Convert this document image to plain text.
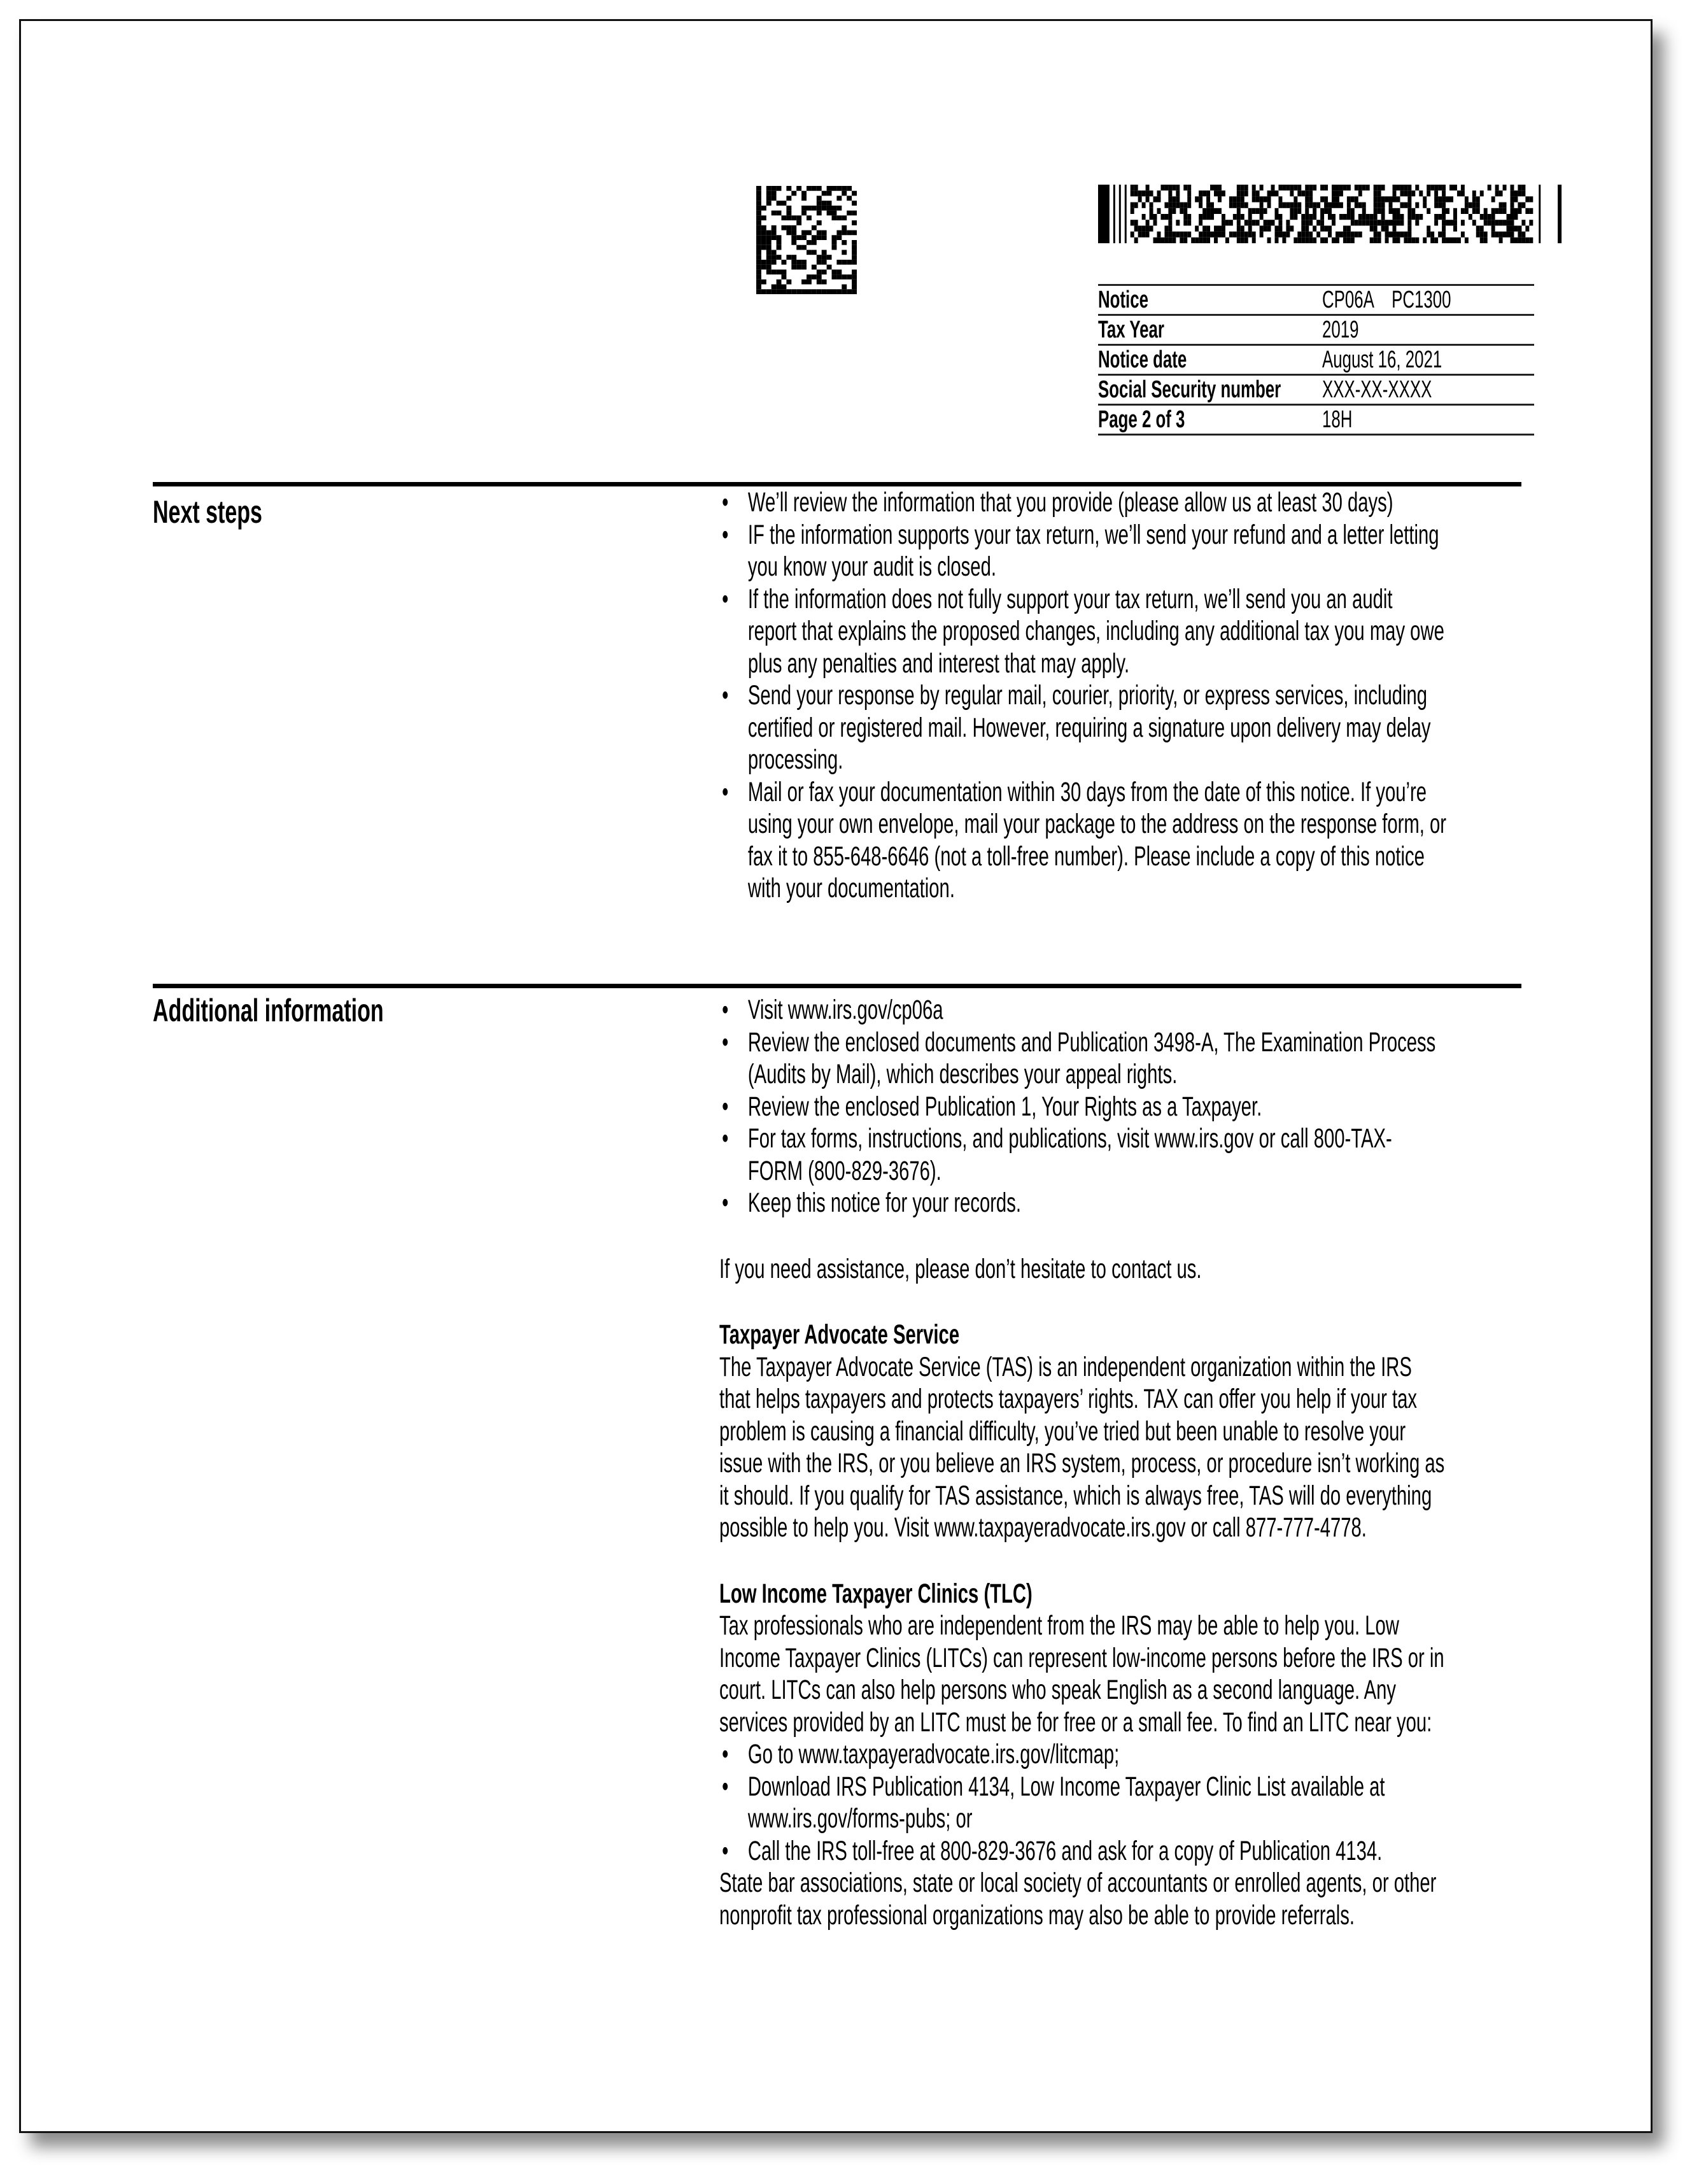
Notice	CP06A    PC1300
Tax Year	2019
Notice date	August 16, 2021
Social Security number XXX-XX-XXXX
Page 2 of 3	18H
Next steps	• We’ll review the information that you provide (please allow us at least 30 days)
• IF the information supports your tax return, we’ll send your refund and a letter letting
you know your audit is closed.
• If the information does not fully support your tax return, we’ll send you an audit
report that explains the proposed changes, including any additional tax you may owe
plus any penalties and interest that may apply.
• Send your response by regular mail, courier, priority, or express services, including
certified or registered mail. However, requiring a signature upon delivery may delay
processing.
• Mail or fax your documentation within 30 days from the date of this notice. If you’re
using your own envelope, mail your package to the address on the response form, or
fax it to 855-648-6646 (not a toll-free number). Please include a copy of this notice
with your documentation.
Additional information	• Visit www.irs.gov/cp06a
• Review the enclosed documents and Publication 3498-A, The Examination Process
(Audits by Mail), which describes your appeal rights.
• Review the enclosed Publication 1, Your Rights as a Taxpayer.
• For tax forms, instructions, and publications, visit www.irs.gov or call 800-TAX-
FORM (800-829-3676).
• Keep this notice for your records.
If you need assistance, please don’t hesitate to contact us.
Taxpayer Advocate Service
The Taxpayer Advocate Service (TAS) is an independent organization within the IRS
that helps taxpayers and protects taxpayers’ rights. TAX can offer you help if your tax
problem is causing a financial difficulty, you’ve tried but been unable to resolve your
issue with the IRS, or you believe an IRS system, process, or procedure isn’t working as
it should. If you qualify for TAS assistance, which is always free, TAS will do everything
possible to help you. Visit www.taxpayeradvocate.irs.gov or call 877-777-4778.
Low Income Taxpayer Clinics (TLC)
Tax professionals who are independent from the IRS may be able to help you. Low
Income Taxpayer Clinics (LITCs) can represent low-income persons before the IRS or in
court. LITCs can also help persons who speak English as a second language. Any
services provided by an LITC must be for free or a small fee. To find an LITC near you:
• Go to www.taxpayeradvocate.irs.gov/litcmap;
• Download IRS Publication 4134, Low Income Taxpayer Clinic List available at
www.irs.gov/forms-pubs; or
• Call the IRS toll-free at 800-829-3676 and ask for a copy of Publication 4134.
State bar associations, state or local society of accountants or enrolled agents, or other
nonprofit tax professional organizations may also be able to provide referrals.
